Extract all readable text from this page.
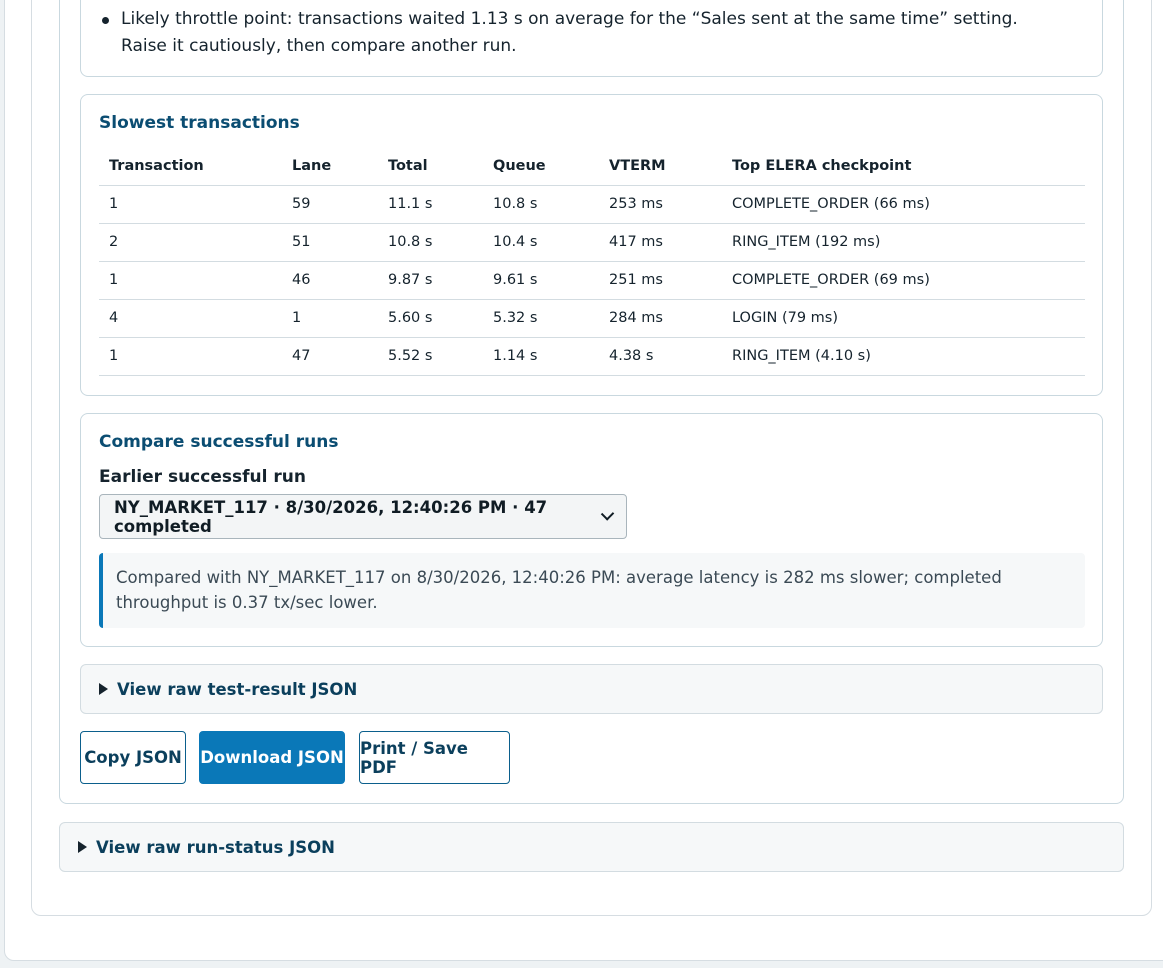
Likely throttle point: transactions waited 1.13 s on average for the “Sales sent at the same time” setting. Raise it cautiously, then compare another run.
Slowest transactions
Transaction	Lane	Total	Queue	VTERM	Top ELERA checkpoint
1	59	11.1 s	10.8 s	253 ms	COMPLETE_ORDER (66 ms)
2	51	10.8 s	10.4 s	417 ms	RING_ITEM (192 ms)
1	46	9.87 s	9.61 s	251 ms	COMPLETE_ORDER (69 ms)
4	1	5.60 s	5.32 s	284 ms	LOGIN (79 ms)
1	47	5.52 s	1.14 s	4.38 s	RING_ITEM (4.10 s)
Compare successful runs
Earlier successful run
NY_MARKET_117 · 8/30/2026, 12:40:26 PM · 47 completed
Compared with NY_MARKET_117 on 8/30/2026, 12:40:26 PM: average latency is 282 ms slower; completed throughput is 0.37 tx/sec lower.
View raw test-result JSON
Copy JSON Download JSON Print / Save PDF
View raw run-status JSON
